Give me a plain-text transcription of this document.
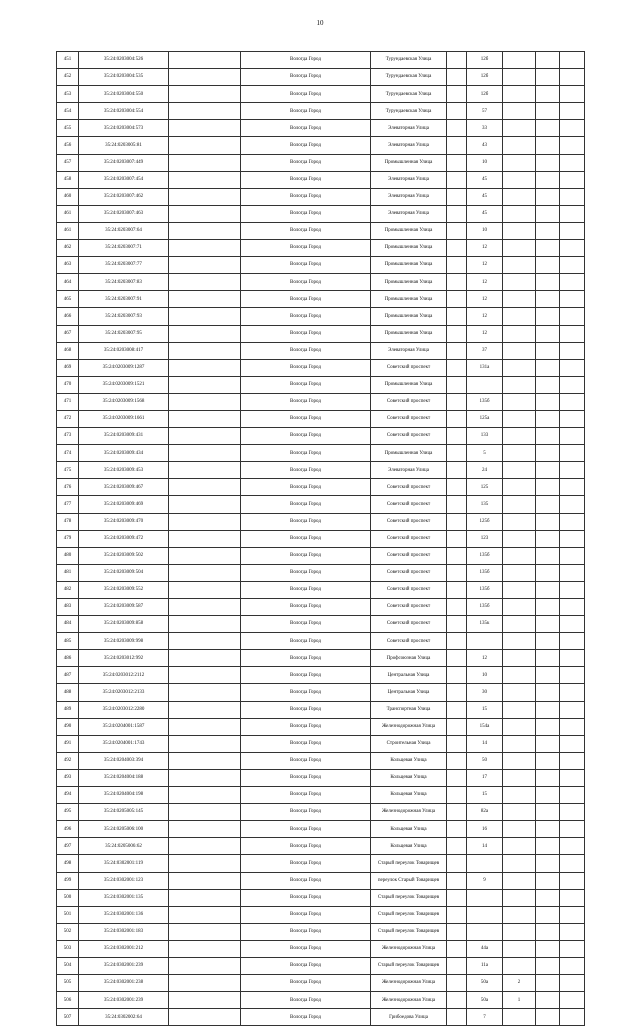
10
451	35:24:0203004:526		Вологда Город	Турундаевская Улица		12б			
452	35:24:0203004:535		Вологда Город	Турундаевская Улица		12б			
453	35:24:0203004:550		Вологда Город	Турундаевская Улица		12б			
454	35:24:0203004:554		Вологда Город	Турундаевская Улица		57			
455	35:24:0203004:573		Вологда Город	Элеваторная Улица		33			
456	35:24:0203005:81		Вологда Город	Элеваторная Улица		43			
457	35:24:0203007:449		Вологда Город	Промышленная Улица		10			
458	35:24:0203007:454		Вологда Город	Элеваторная Улица		45			
460	35:24:0203007:462		Вологда Город	Элеваторная Улица		45			
461	35:24:0203007:463		Вологда Город	Элеваторная Улица		45			
461	35:24:0203007:64		Вологда Город	Промышленная Улица		10			
462	35:24:0203007:71		Вологда Город	Промышленная Улица		12			
463	35:24:0203007:77		Вологда Город	Промышленная Улица		12			
464	35:24:0203007:83		Вологда Город	Промышленная Улица		12			
465	35:24:0203007:91		Вологда Город	Промышленная Улица		12			
466	35:24:0203007:93		Вологда Город	Промышленная Улица		12			
467	35:24:0203007:95		Вологда Город	Промышленная Улица		12			
468	35:24:0203008:417		Вологда Город	Элеваторная Улица		37			
469	35:24:0203009:1287		Вологда Город	Советский проспект		131а			
470	35:24:0203009:1521		Вологда Город	Промышленная Улица					
471	35:24:0203009:1568		Вологда Город	Советский проспект		135б			
472	35:24:0203009:1661		Вологда Город	Советский проспект		125а			
473	35:24:0203009:431		Вологда Город	Советский проспект		133			
474	35:24:0203009:434		Вологда Город	Промышленная Улица		5			
475	35:24:0203009:453		Вологда Город	Элеваторная Улица		24			
476	35:24:0203009:467		Вологда Город	Советский проспект		125			
477	35:24:0203009:469		Вологда Город	Советский проспект		135			
478	35:24:0203009:470		Вологда Город	Советский проспект		125б			
479	35:24:0203009:472		Вологда Город	Советский проспект		123			
480	35:24:0203009:502		Вологда Город	Советский проспект		135б			
481	35:24:0203009:504		Вологда Город	Советский проспект		135б			
482	35:24:0203009:552		Вологда Город	Советский проспект		135б			
483	35:24:0203009:587		Вологда Город	Советский проспект		135б			
484	35:24:0203009:858		Вологда Город	Советский проспект		135к			
485	35:24:0203009:998		Вологда Город	Советский проспект					
486	35:24:0203012:992		Вологда Город	Профсоюзная Улица		12			
487	35:24:0203012:2112		Вологда Город	Центральная Улица		10			
488	35:24:0203012:2133		Вологда Город	Центральная Улица		30			
489	35:24:0203012:2280		Вологда Город	Транспортная Улица		15			
490	35:24:0204001:1587		Вологда Город	Железнодорожная Улица		154а			
491	35:24:0204001:1743		Вологда Город	Строительная Улица		14			
492	35:24:0204003:394		Вологда Город	Кольцевая Улица		50			
493	35:24:0204004:188		Вологда Город	Кольцевая Улица		17			
494	35:24:0204004:198		Вологда Город	Кольцевая Улица		15			
495	35:24:0205005:145		Вологда Город	Железнодорожная Улица		82а			
496	35:24:0205006:100		Вологда Город	Кольцевая Улица		16			
497	35:24:0205006:62		Вологда Город	Кольцевая Улица		14			
498	35:24:0302001:119		Вологда Город	Старый переулок Товарищев					
499	35:24:0302001:123		Вологда Город	переулок Старый Товарищев		9			
500	35:24:0302001:135		Вологда Город	Старый переулок Товарищев					
501	35:24:0302001:136		Вологда Город	Старый переулок Товарищев					
502	35:24:0302001:183		Вологда Город	Старый переулок Товарищев					
503	35:24:0302001:212		Вологда Город	Железнодорожная Улица		44а			
504	35:24:0302001:239		Вологда Город	Старый переулок Товарищев		11а			
505	35:24:0302001:238		Вологда Город	Железнодорожная Улица		50а	2		
506	35:24:0302001:239		Вологда Город	Железнодорожная Улица		50а	1		
507	35:24:0302002:64		Вологда Город	Грибоедова Улица		7			
